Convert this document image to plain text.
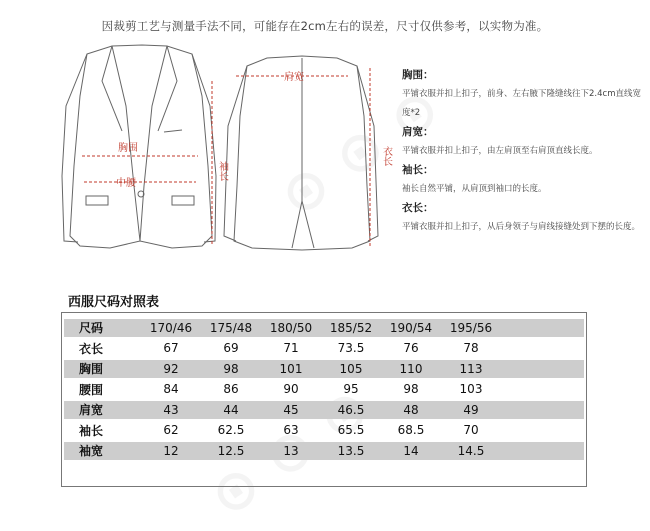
因裁剪工艺与测量手法不同，可能存在2cm左右的误差，尺寸仅供参考，以实物为准。
胸围
中腰
袖长
肩宽
衣长
胸围：
平铺衣服并扣上扣子，前身、左右腋下隆缝线往下2.4cm直线宽度*2
肩宽：
平铺衣服并扣上扣子，由左肩顶至右肩顶直线长度。
袖长：
袖长自然平铺，从肩顶到袖口的长度。
衣长：
平铺衣服并扣上扣子，从后身领子与肩线接缝处到下摆的长度。
西服尺码对照表
尺码	170/46	175/48	180/50	185/52	190/54	195/56	
衣长	67	69	71	73.5	76	78	
胸围	92	98	101	105	110	113	
腰围	84	86	90	95	98	103	
肩宽	43	44	45	46.5	48	49	
袖长	62	62.5	63	65.5	68.5	70	
袖宽	12	12.5	13	13.5	14	14.5	
